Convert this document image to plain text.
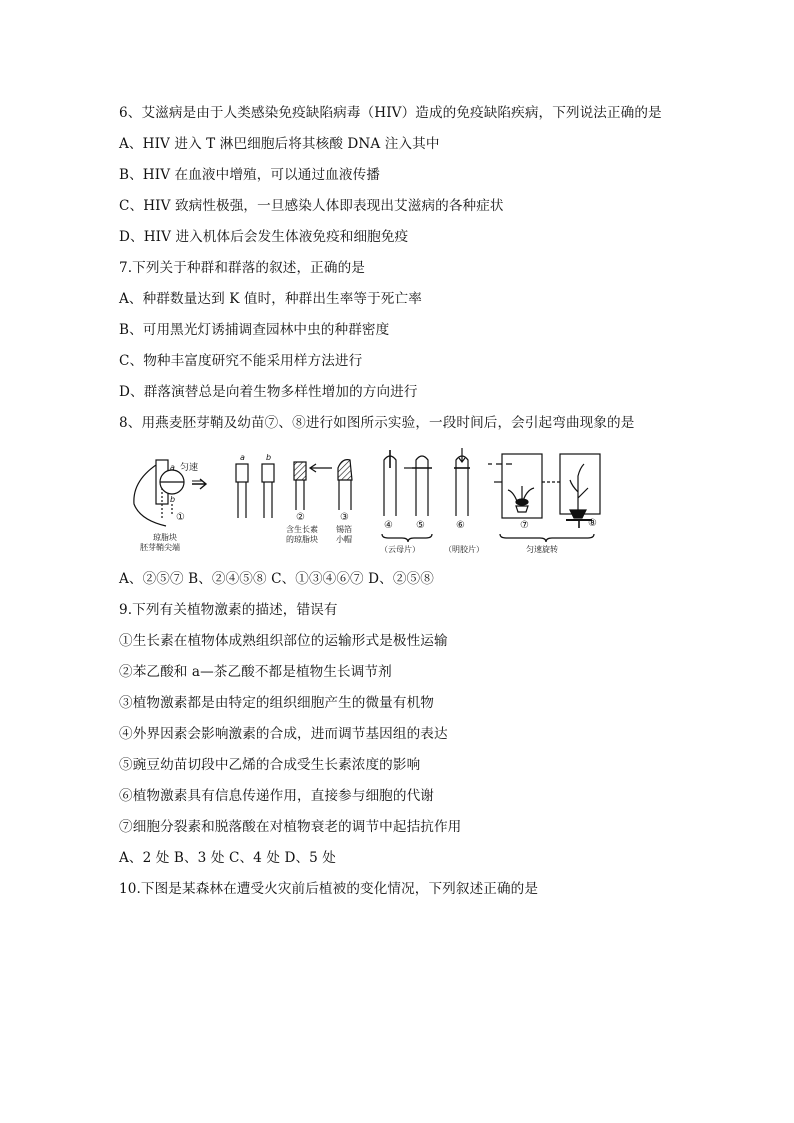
6、艾滋病是由于人类感染免疫缺陷病毒（HIV）造成的免疫缺陷疾病，下列说法正确的是
A、HIV 进入 T 淋巴细胞后将其核酸 DNA 注入其中
B、HIV 在血液中增殖，可以通过血液传播
C、HIV 致病性极强，一旦感染人体即表现出艾滋病的各种症状
D、HIV 进入机体后会发生体液免疫和细胞免疫
7.下列关于种群和群落的叙述，正确的是
A、种群数量达到 K 值时，种群出生率等于死亡率
B、可用黑光灯诱捕调查园林中虫的种群密度
C、物种丰富度研究不能采用样方法进行
D、群落演替总是向着生物多样性增加的方向进行
8、用燕麦胚芽鞘及幼苗⑦、⑧进行如图所示实验，一段时间后，会引起弯曲现象的是
a
b
匀速
①
琼脂块
胚芽鞘尖端
a	b
②	③
含生长素
的琼脂块
锡箔
小帽
④ ⑤	⑥
（云母片）	（明胶片）
⑦	⑧
匀速旋转
A、②⑤⑦ B、②④⑤⑧ C、①③④⑥⑦ D、②⑤⑧
9.下列有关植物激素的描述，错误有
①生长素在植物体成熟组织部位的运输形式是极性运输
②苯乙酸和 a—茶乙酸不都是植物生长调节剂
③植物激素都是由特定的组织细胞产生的微量有机物
④外界因素会影响激素的合成，进而调节基因组的表达
⑤豌豆幼苗切段中乙烯的合成受生长素浓度的影响
⑥植物激素具有信息传递作用，直接参与细胞的代谢
⑦细胞分裂素和脱落酸在对植物衰老的调节中起拮抗作用
A、2 处 B、3 处 C、4 处 D、5 处
10.下图是某森林在遭受火灾前后植被的变化情况，下列叙述正确的是
